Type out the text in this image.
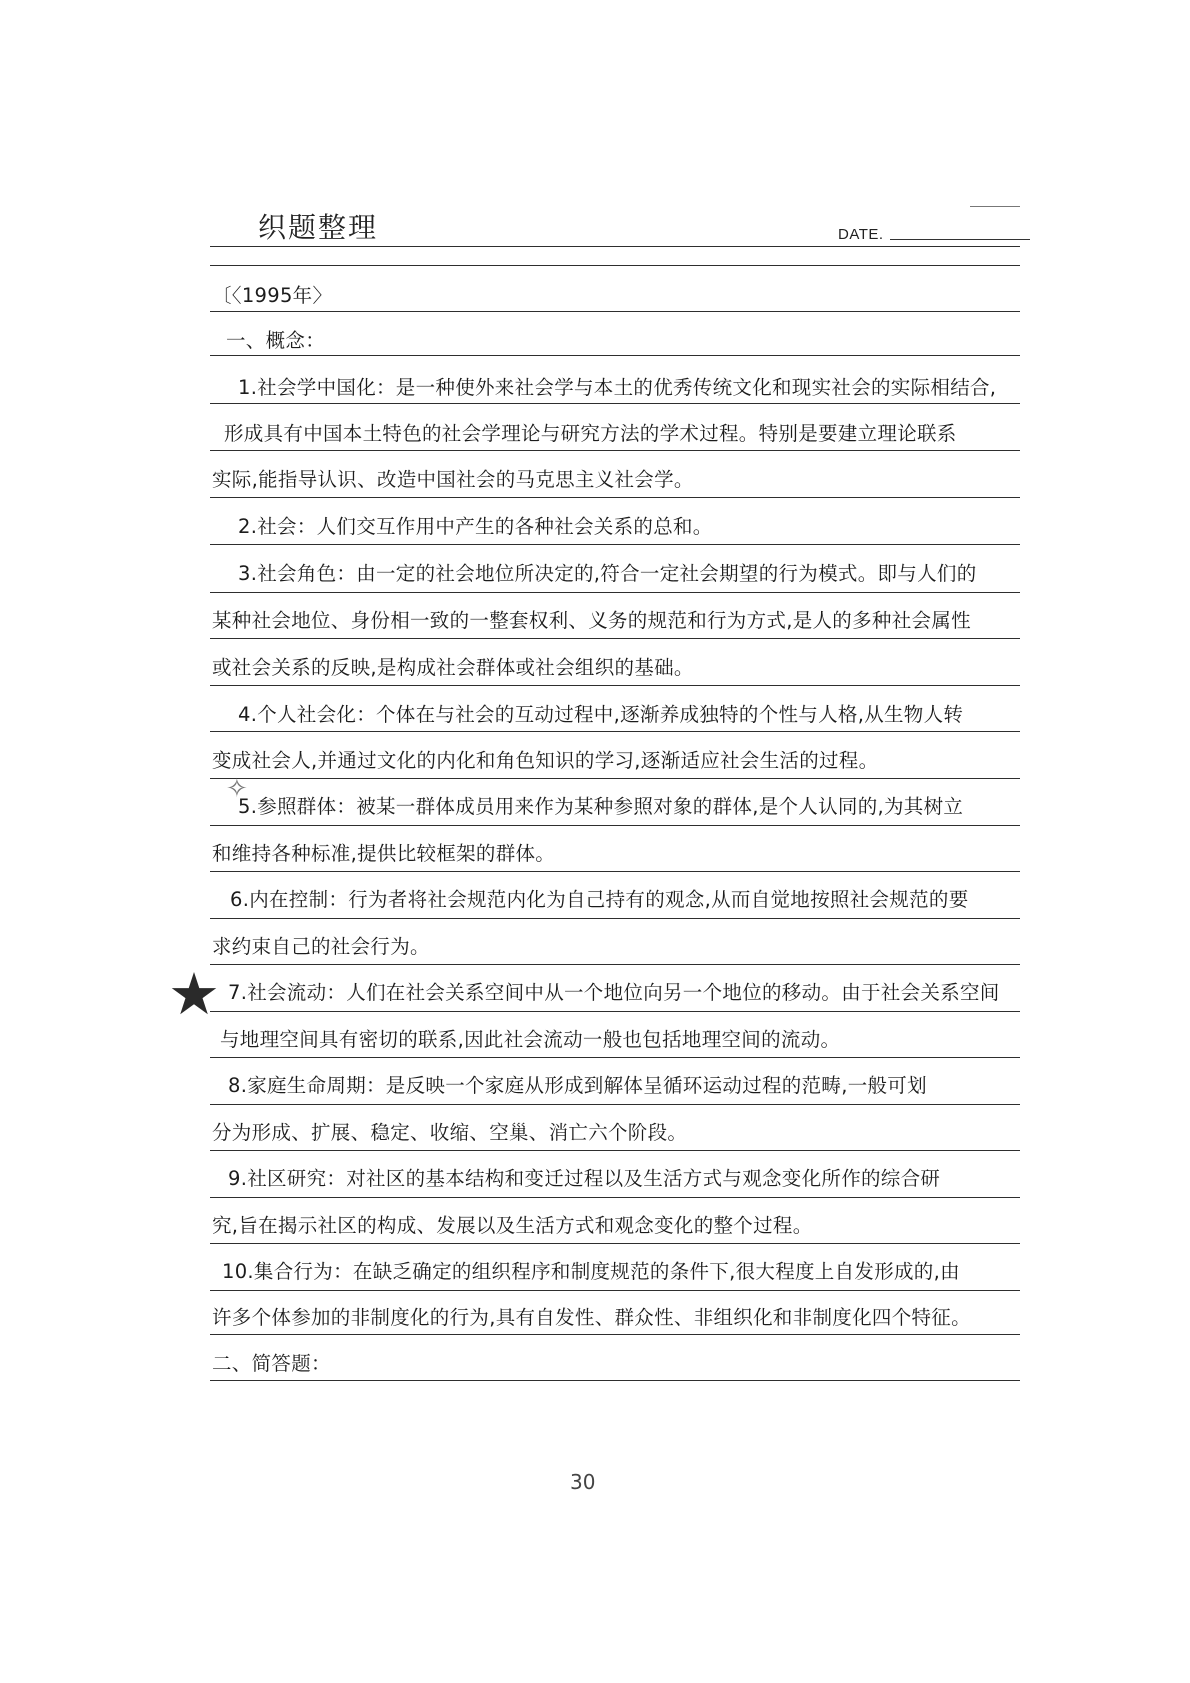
织题整理	DATE.
〔〈1995年〉
一、概念：
1.社会学中国化：是一种使外来社会学与本土的优秀传统文化和现实社会的实际相结合,
形成具有中国本土特色的社会学理论与研究方法的学术过程。特别是要建立理论联系
实际,能指导认识、改造中国社会的马克思主义社会学。
2.社会：人们交互作用中产生的各种社会关系的总和。
3.社会角色：由一定的社会地位所决定的,符合一定社会期望的行为模式。即与人们的
某种社会地位、身份相一致的一整套权利、义务的规范和行为方式,是人的多种社会属性
或社会关系的反映,是构成社会群体或社会组织的基础。
4.个人社会化：个体在与社会的互动过程中,逐渐养成独特的个性与人格,从生物人转
变成社会人,并通过文化的内化和角色知识的学习,逐渐适应社会生活的过程。
5.参照群体：被某一群体成员用来作为某种参照对象的群体,是个人认同的,为其树立
和维持各种标准,提供比较框架的群体。
6.内在控制：行为者将社会规范内化为自己持有的观念,从而自觉地按照社会规范的要
求约束自己的社会行为。
7.社会流动：人们在社会关系空间中从一个地位向另一个地位的移动。由于社会关系空间
与地理空间具有密切的联系,因此社会流动一般也包括地理空间的流动。
8.家庭生命周期：是反映一个家庭从形成到解体呈循环运动过程的范畴,一般可划
分为形成、扩展、稳定、收缩、空巢、消亡六个阶段。
9.社区研究：对社区的基本结构和变迁过程以及生活方式与观念变化所作的综合研
究,旨在揭示社区的构成、发展以及生活方式和观念变化的整个过程。
10.集合行为：在缺乏确定的组织程序和制度规范的条件下,很大程度上自发形成的,由
许多个体参加的非制度化的行为,具有自发性、群众性、非组织化和非制度化四个特征。
二、简答题：
✧
★
30
